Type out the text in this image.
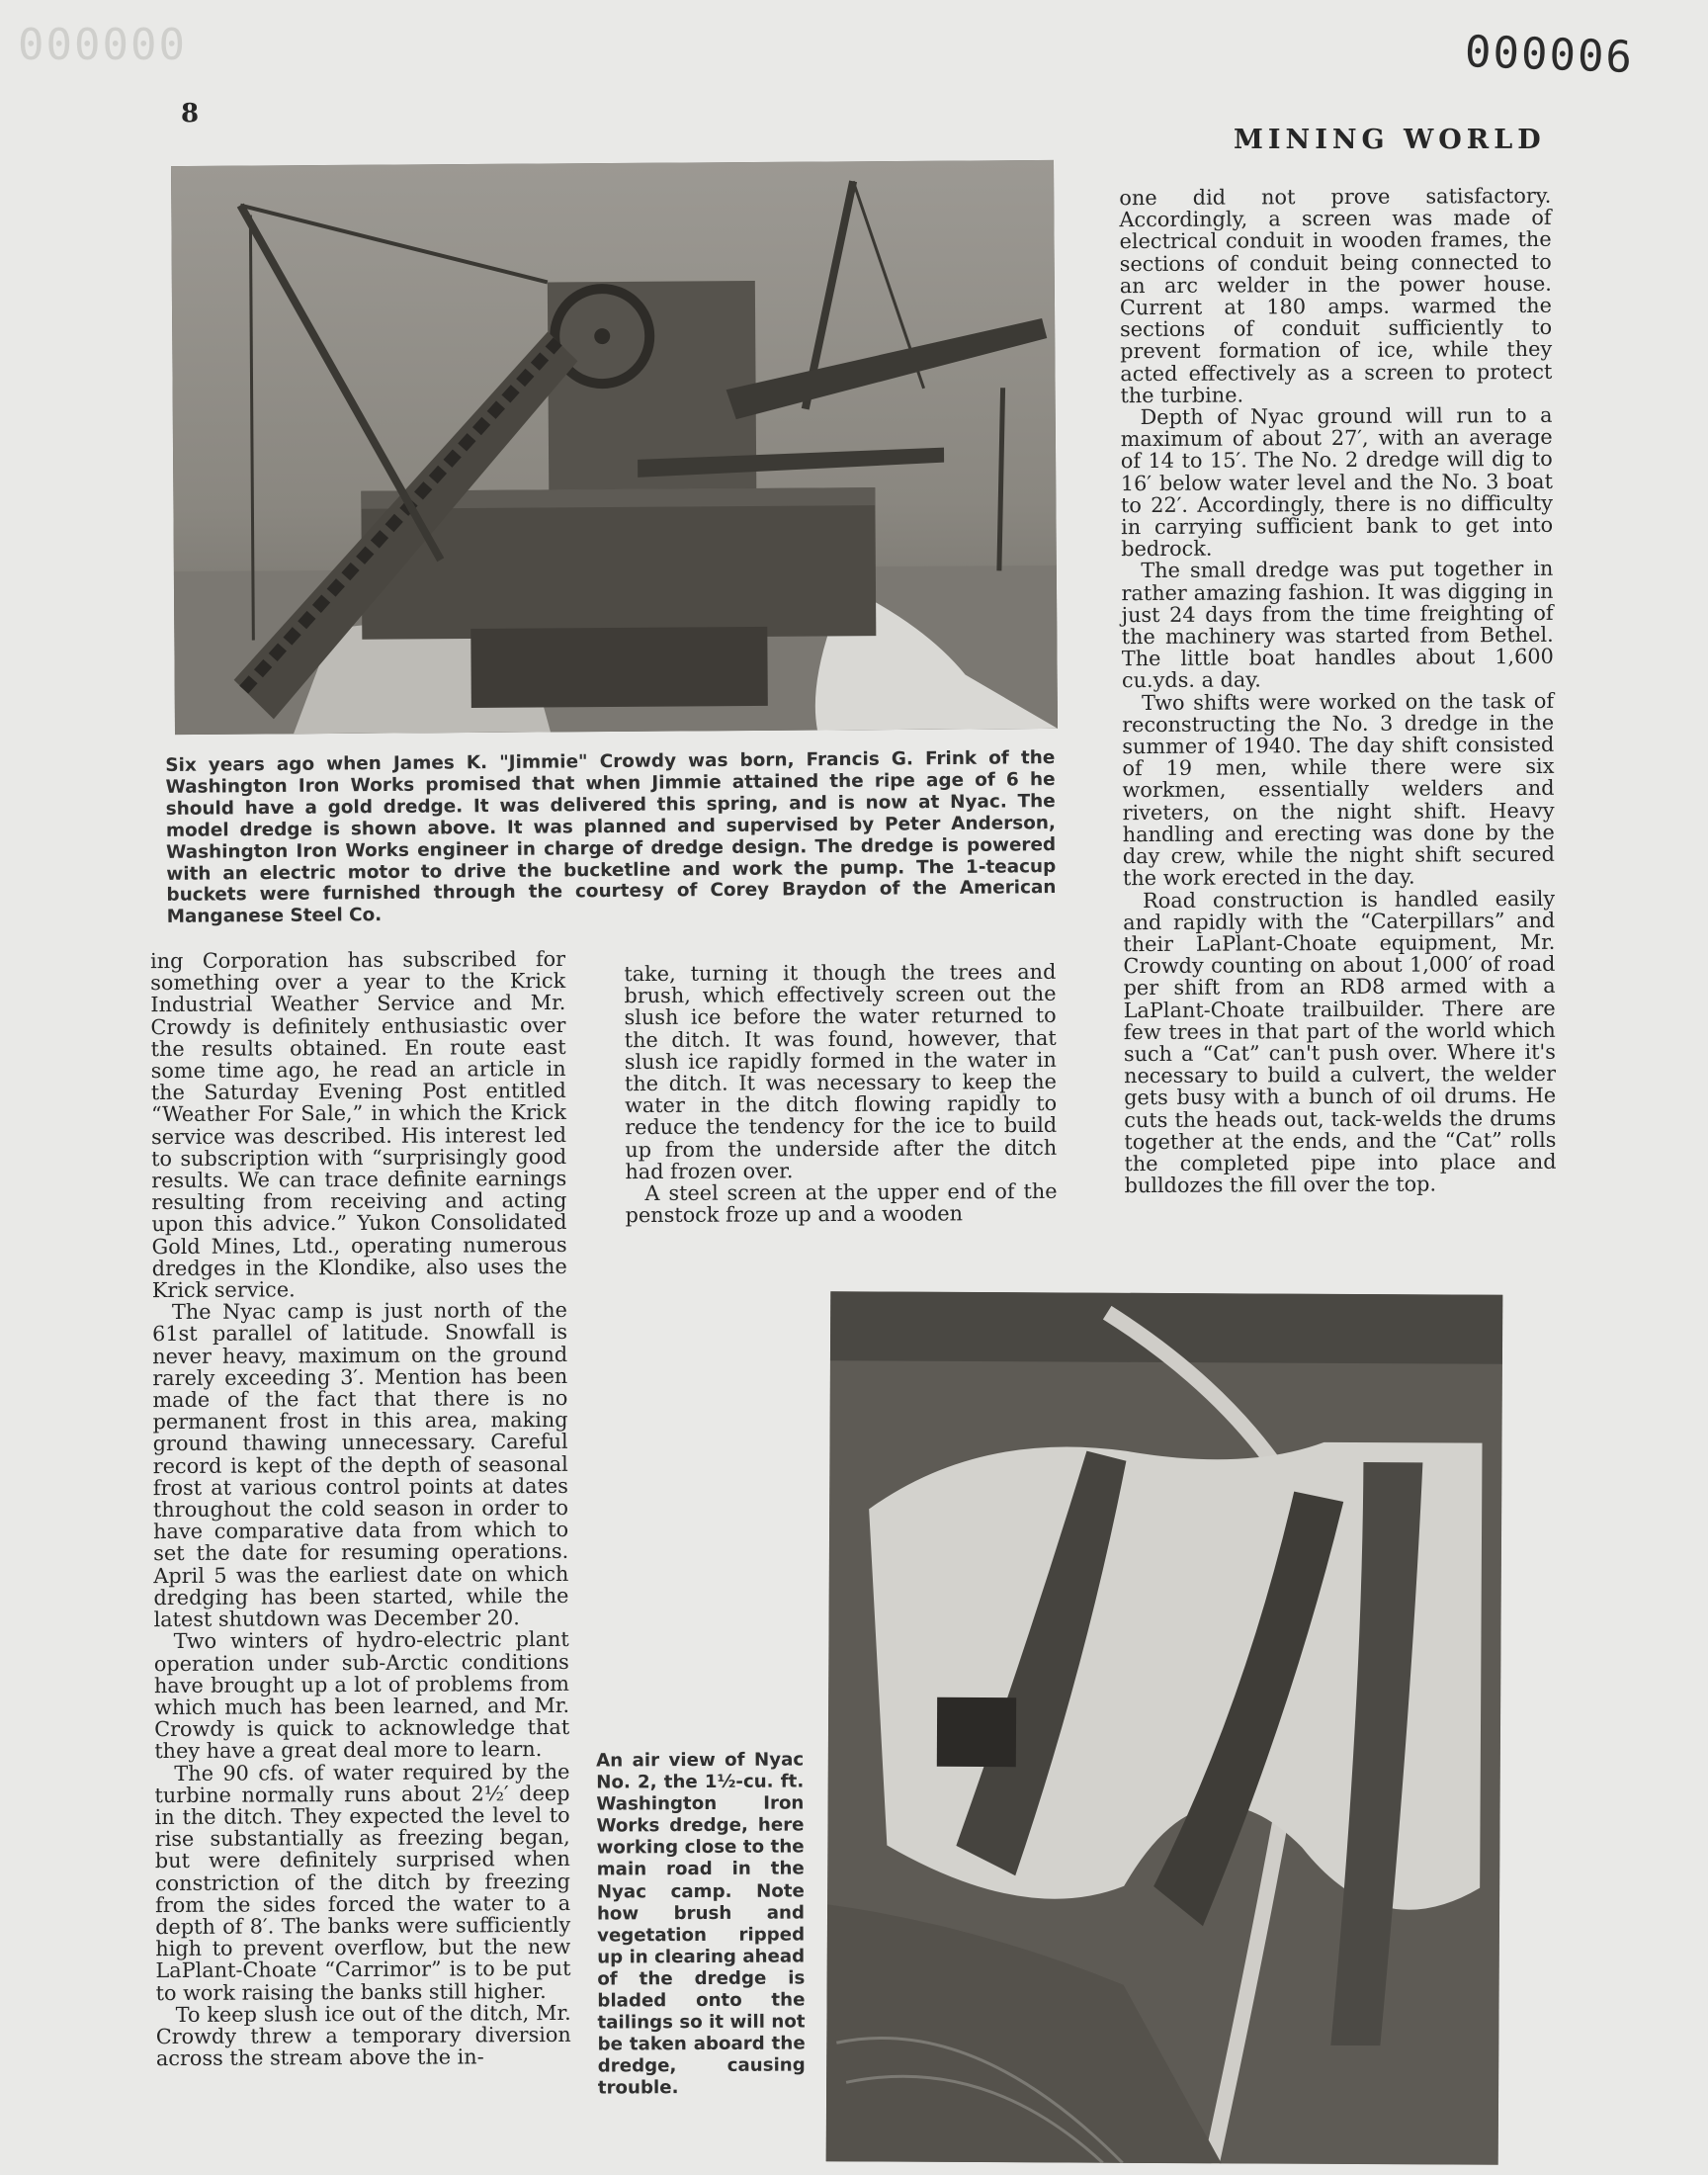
000000	000006
8
MINING WORLD
Six years ago when James K. "Jimmie" Crowdy was born, Francis G. Frink of the Washington Iron Works promised that when Jimmie attained the ripe age of 6 he should have a gold dredge. It was delivered this spring, and is now at Nyac. The model dredge is shown above. It was planned and supervised by Peter Anderson, Washington Iron Works engineer in charge of dredge design. The dredge is powered with an electric motor to drive the bucketline and work the pump. The 1-teacup buckets were furnished through the courtesy of Corey Braydon of the American Manganese Steel Co.

one did not prove satisfactory. Accordingly, a screen was made of electrical conduit in wooden frames, the sections of conduit being connected to an arc welder in the power house. Current at 180 amps. warmed the sections of conduit sufficiently to prevent formation of ice, while they acted effectively as a screen to protect the turbine.

Depth of Nyac ground will run to a maximum of about 27′, with an average of 14 to 15′. The No. 2 dredge will dig to 16′ below water level and the No. 3 boat to 22′. Accordingly, there is no difficulty in carrying sufficient bank to get into bedrock.

The small dredge was put together in rather amazing fashion. It was digging in just 24 days from the time freighting of the machinery was started from Bethel. The little boat handles about 1,600 cu.yds. a day.

Two shifts were worked on the task of reconstructing the No. 3 dredge in the summer of 1940. The day shift consisted of 19 men, while there were six workmen, essentially welders and riveters, on the night shift. Heavy handling and erecting was done by the day crew, while the night shift secured the work erected in the day.

Road construction is handled easily and rapidly with the “Caterpillars” and their LaPlant-Choate equipment, Mr. Crowdy counting on about 1,000′ of road per shift from an RD8 armed with a LaPlant-Choate trailbuilder. There are few trees in that part of the world which such a “Cat” can't push over. Where it's necessary to build a culvert, the welder gets busy with a bunch of oil drums. He cuts the heads out, tack-welds the drums together at the ends, and the “Cat” rolls the completed pipe into place and bulldozes the fill over the top.

ing Corporation has subscribed for something over a year to the Krick Industrial Weather Service and Mr. Crowdy is definitely enthusiastic over the results obtained. En route east some time ago, he read an article in the Saturday Evening Post entitled “Weather For Sale,” in which the Krick service was described. His interest led to subscription with “surprisingly good results. We can trace definite earnings resulting from receiving and acting upon this advice.” Yukon Consolidated Gold Mines, Ltd., operating numerous dredges in the Klondike, also uses the Krick service.

The Nyac camp is just north of the 61st parallel of latitude. Snowfall is never heavy, maximum on the ground rarely exceeding 3′. Mention has been made of the fact that there is no permanent frost in this area, making ground thawing unnecessary. Careful record is kept of the depth of seasonal frost at various control points at dates throughout the cold season in order to have comparative data from which to set the date for resuming operations. April 5 was the earliest date on which dredging has been started, while the latest shutdown was December 20.

Two winters of hydro-electric plant operation under sub-Arctic conditions have brought up a lot of problems from which much has been learned, and Mr. Crowdy is quick to acknowledge that they have a great deal more to learn.

The 90 cfs. of water required by the turbine normally runs about 2½′ deep in the ditch. They expected the level to rise substantially as freezing began, but were definitely surprised when constriction of the ditch by freezing from the sides forced the water to a depth of 8′. The banks were sufficiently high to prevent overflow, but the new LaPlant-Choate “Carrimor” is to be put to work raising the banks still higher.

To keep slush ice out of the ditch, Mr. Crowdy threw a temporary diversion across the stream above the in-

take, turning it though the trees and brush, which effectively screen out the slush ice before the water returned to the ditch. It was found, however, that slush ice rapidly formed in the water in the ditch. It was necessary to keep the water in the ditch flowing rapidly to reduce the tendency for the ice to build up from the underside after the ditch had frozen over.

A steel screen at the upper end of the penstock froze up and a wooden

An air view of Nyac No. 2, the 1½-cu. ft. Washington Iron Works dredge, here working close to the main road in the Nyac camp. Note how brush and vegetation ripped up in clearing ahead of the dredge is bladed onto the tailings so it will not be taken aboard the dredge, causing trouble.
